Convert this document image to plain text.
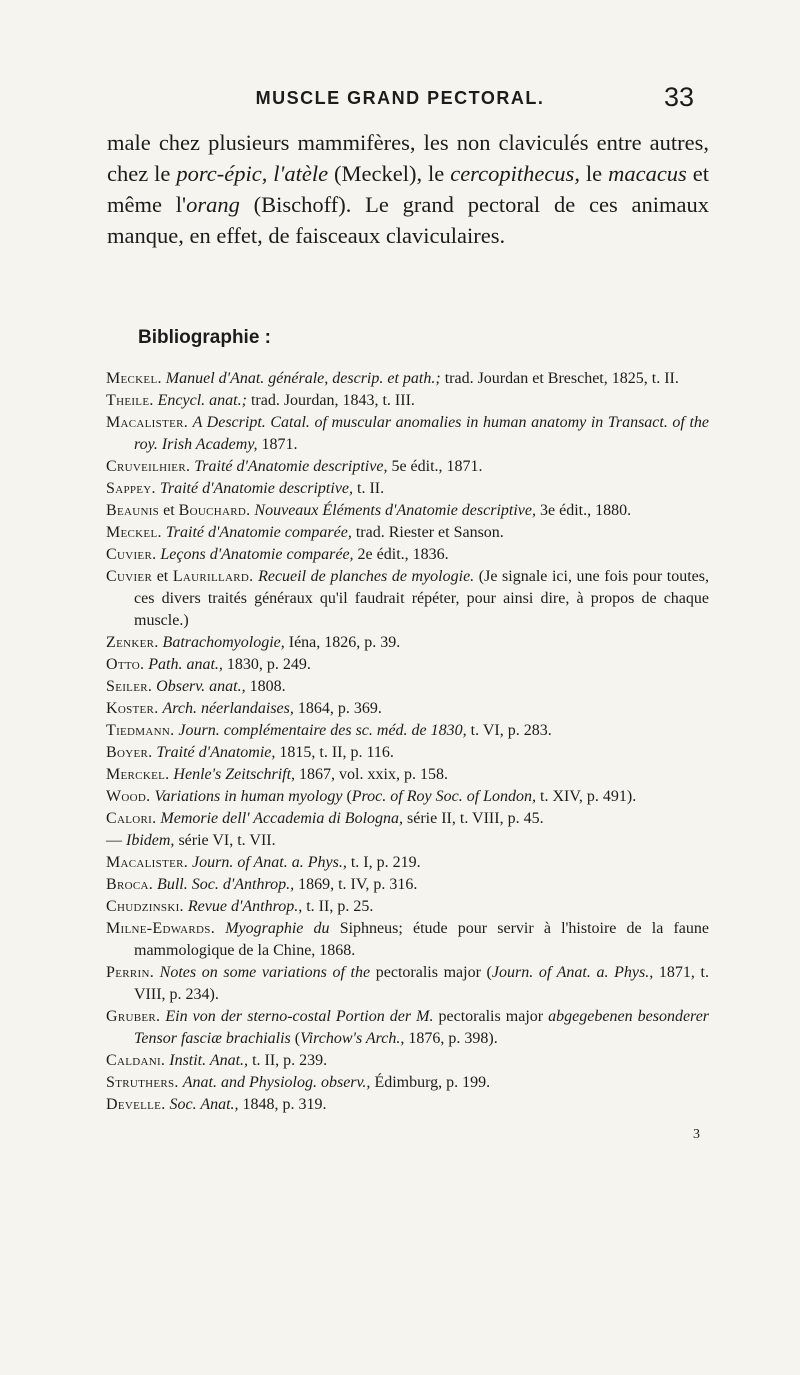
MUSCLE GRAND PECTORAL.	33

male chez plusieurs mammifères, les non claviculés entre autres, chez le porc-épic, l'atèle (Meckel), le cercopithecus, le macacus et même l'orang (Bischoff). Le grand pectoral de ces animaux manque, en effet, de faisceaux claviculaires.

Bibliographie :
Meckel. Manuel d'Anat. générale, descrip. et path.; trad. Jourdan et Breschet, 1825, t. II.
Theile. Encycl. anat.; trad. Jourdan, 1843, t. III.
Macalister. A Descript. Catal. of muscular anomalies in human anatomy in Transact. of the roy. Irish Academy, 1871.
Cruveilhier. Traité d'Anatomie descriptive, 5e édit., 1871.
Sappey. Traité d'Anatomie descriptive, t. II.
Beaunis et Bouchard. Nouveaux Éléments d'Anatomie descriptive, 3e édit., 1880.
Meckel. Traité d'Anatomie comparée, trad. Riester et Sanson.
Cuvier. Leçons d'Anatomie comparée, 2e édit., 1836.
Cuvier et Laurillard. Recueil de planches de myologie. (Je signale ici, une fois pour toutes, ces divers traités généraux qu'il faudrait répéter, pour ainsi dire, à propos de chaque muscle.)
Zenker. Batrachomyologie, Iéna, 1826, p. 39.
Otto. Path. anat., 1830, p. 249.
Seiler. Observ. anat., 1808.
Koster. Arch. néerlandaises, 1864, p. 369.
Tiedmann. Journ. complémentaire des sc. méd. de 1830, t. VI, p. 283.
Boyer. Traité d'Anatomie, 1815, t. II, p. 116.
Merckel. Henle's Zeitschrift, 1867, vol. xxix, p. 158.
Wood. Variations in human myology (Proc. of Roy Soc. of London, t. XIV, p. 491).
Calori. Memorie dell' Accademia di Bologna, série II, t. VIII, p. 45.
— Ibidem, série VI, t. VII.
Macalister. Journ. of Anat. a. Phys., t. I, p. 219.
Broca. Bull. Soc. d'Anthrop., 1869, t. IV, p. 316.
Chudzinski. Revue d'Anthrop., t. II, p. 25.
Milne-Edwards. Myographie du Siphneus; étude pour servir à l'histoire de la faune mammologique de la Chine, 1868.
Perrin. Notes on some variations of the pectoralis major (Journ. of Anat. a. Phys., 1871, t. VIII, p. 234).
Gruber. Ein von der sterno-costal Portion der M. pectoralis major abgegebenen besonderer Tensor fasciæ brachialis (Virchow's Arch., 1876, p. 398).
Caldani. Instit. Anat., t. II, p. 239.
Struthers. Anat. and Physiolog. observ., Édimburg, p. 199.
Develle. Soc. Anat., 1848, p. 319.
3
